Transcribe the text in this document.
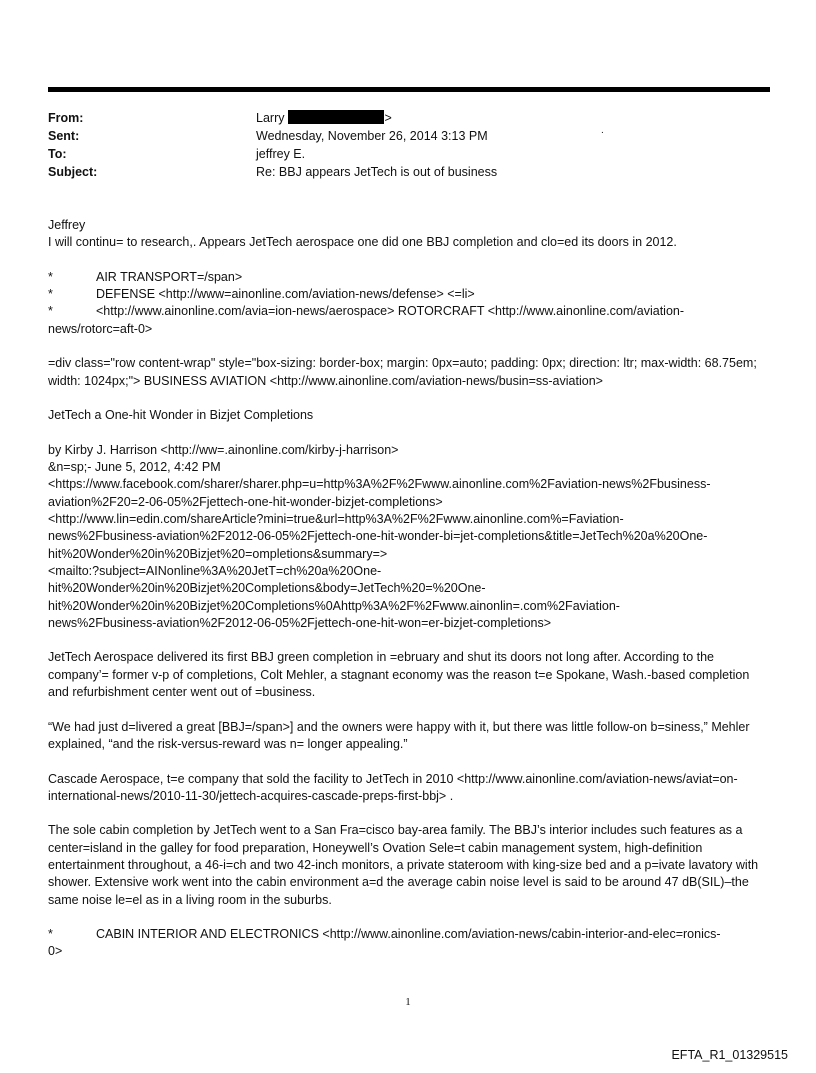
From:	Larry	>
Sent:	Wednesday, November 26, 2014 3:13 PM	.
To:	jeffrey E.
Subject:	Re: BBJ appears JetTech is out of business

Jeffrey

I will continu= to research,. Appears JetTech aerospace one did one BBJ completion and clo=ed its doors in 2012.

*	AIR TRANSPORT=/span>
*	DEFENSE <http://www=ainonline.com/aviation-news/defense> <=li>
*	<http://www.ainonline.com/avia=ion-news/aerospace> ROTORCRAFT <http://www.ainonline.com/aviation-

news/rotorc=aft-0>

=div class="row content-wrap" style="box-sizing: border-box; margin: 0px=auto; padding: 0px; direction: ltr; max-width: 68.75em; width: 1024px;"> BUSINESS AVIATION <http://www.ainonline.com/aviation-news/busin=ss-aviation>

JetTech a One-hit Wonder in Bizjet Completions

by Kirby J. Harrison <http://ww=.ainonline.com/kirby-j-harrison>
&n=sp;- June 5, 2012, 4:42 PM
<https://www.facebook.com/sharer/sharer.php=u=http%3A%2F%2Fwww.ainonline.com%2Faviation-news%2Fbusiness-
aviation%2F20=2-06-05%2Fjettech-one-hit-wonder-bizjet-completions>
<http://www.lin=edin.com/shareArticle?mini=true&url=http%3A%2F%2Fwww.ainonline.com%=Faviation-
news%2Fbusiness-aviation%2F2012-06-05%2Fjettech-one-hit-wonder-bi=jet-completions&title=JetTech%20a%20One-
hit%20Wonder%20in%20Bizjet%20=ompletions&summary=>
<mailto:?subject=AINonline%3A%20JetT=ch%20a%20One-
hit%20Wonder%20in%20Bizjet%20Completions&body=JetTech%20=%20One-
hit%20Wonder%20in%20Bizjet%20Completions%0Ahttp%3A%2F%2Fwww.ainonlin=.com%2Faviation-
news%2Fbusiness-aviation%2F2012-06-05%2Fjettech-one-hit-won=er-bizjet-completions>

JetTech Aerospace delivered its first BBJ green completion in =ebruary and shut its doors not long after. According to the company’= former v-p of completions, Colt Mehler, a stagnant economy was the reason t=e Spokane, Wash.-based completion and refurbishment center went out of =business.

“We had just d=livered a great [BBJ=/span>] and the owners were happy with it, but there was little follow-on b=siness,” Mehler explained, “and the risk-versus-reward was n= longer appealing.”

Cascade Aerospace, t=e company that sold the facility to JetTech in 2010 <http://www.ainonline.com/aviation-news/aviat=on-international-news/2010-11-30/jettech-acquires-cascade-preps-first-bbj> .

The sole cabin completion by JetTech went to a San Fra=cisco bay-area family. The BBJ’s interior includes such features as a center=island in the galley for food preparation, Honeywell’s Ovation Sele=t cabin management system, high-definition entertainment throughout, a 46-i=ch and two 42-inch monitors, a private stateroom with king-size bed and a p=ivate lavatory with shower. Extensive work went into the cabin environment a=d the average cabin noise level is said to be around 47 dB(SIL)–the same noise le=el as in a living room in the suburbs.

*	CABIN INTERIOR AND ELECTRONICS <http://www.ainonline.com/aviation-news/cabin-interior-and-elec=ronics-

0>

1
EFTA_R1_01329515
